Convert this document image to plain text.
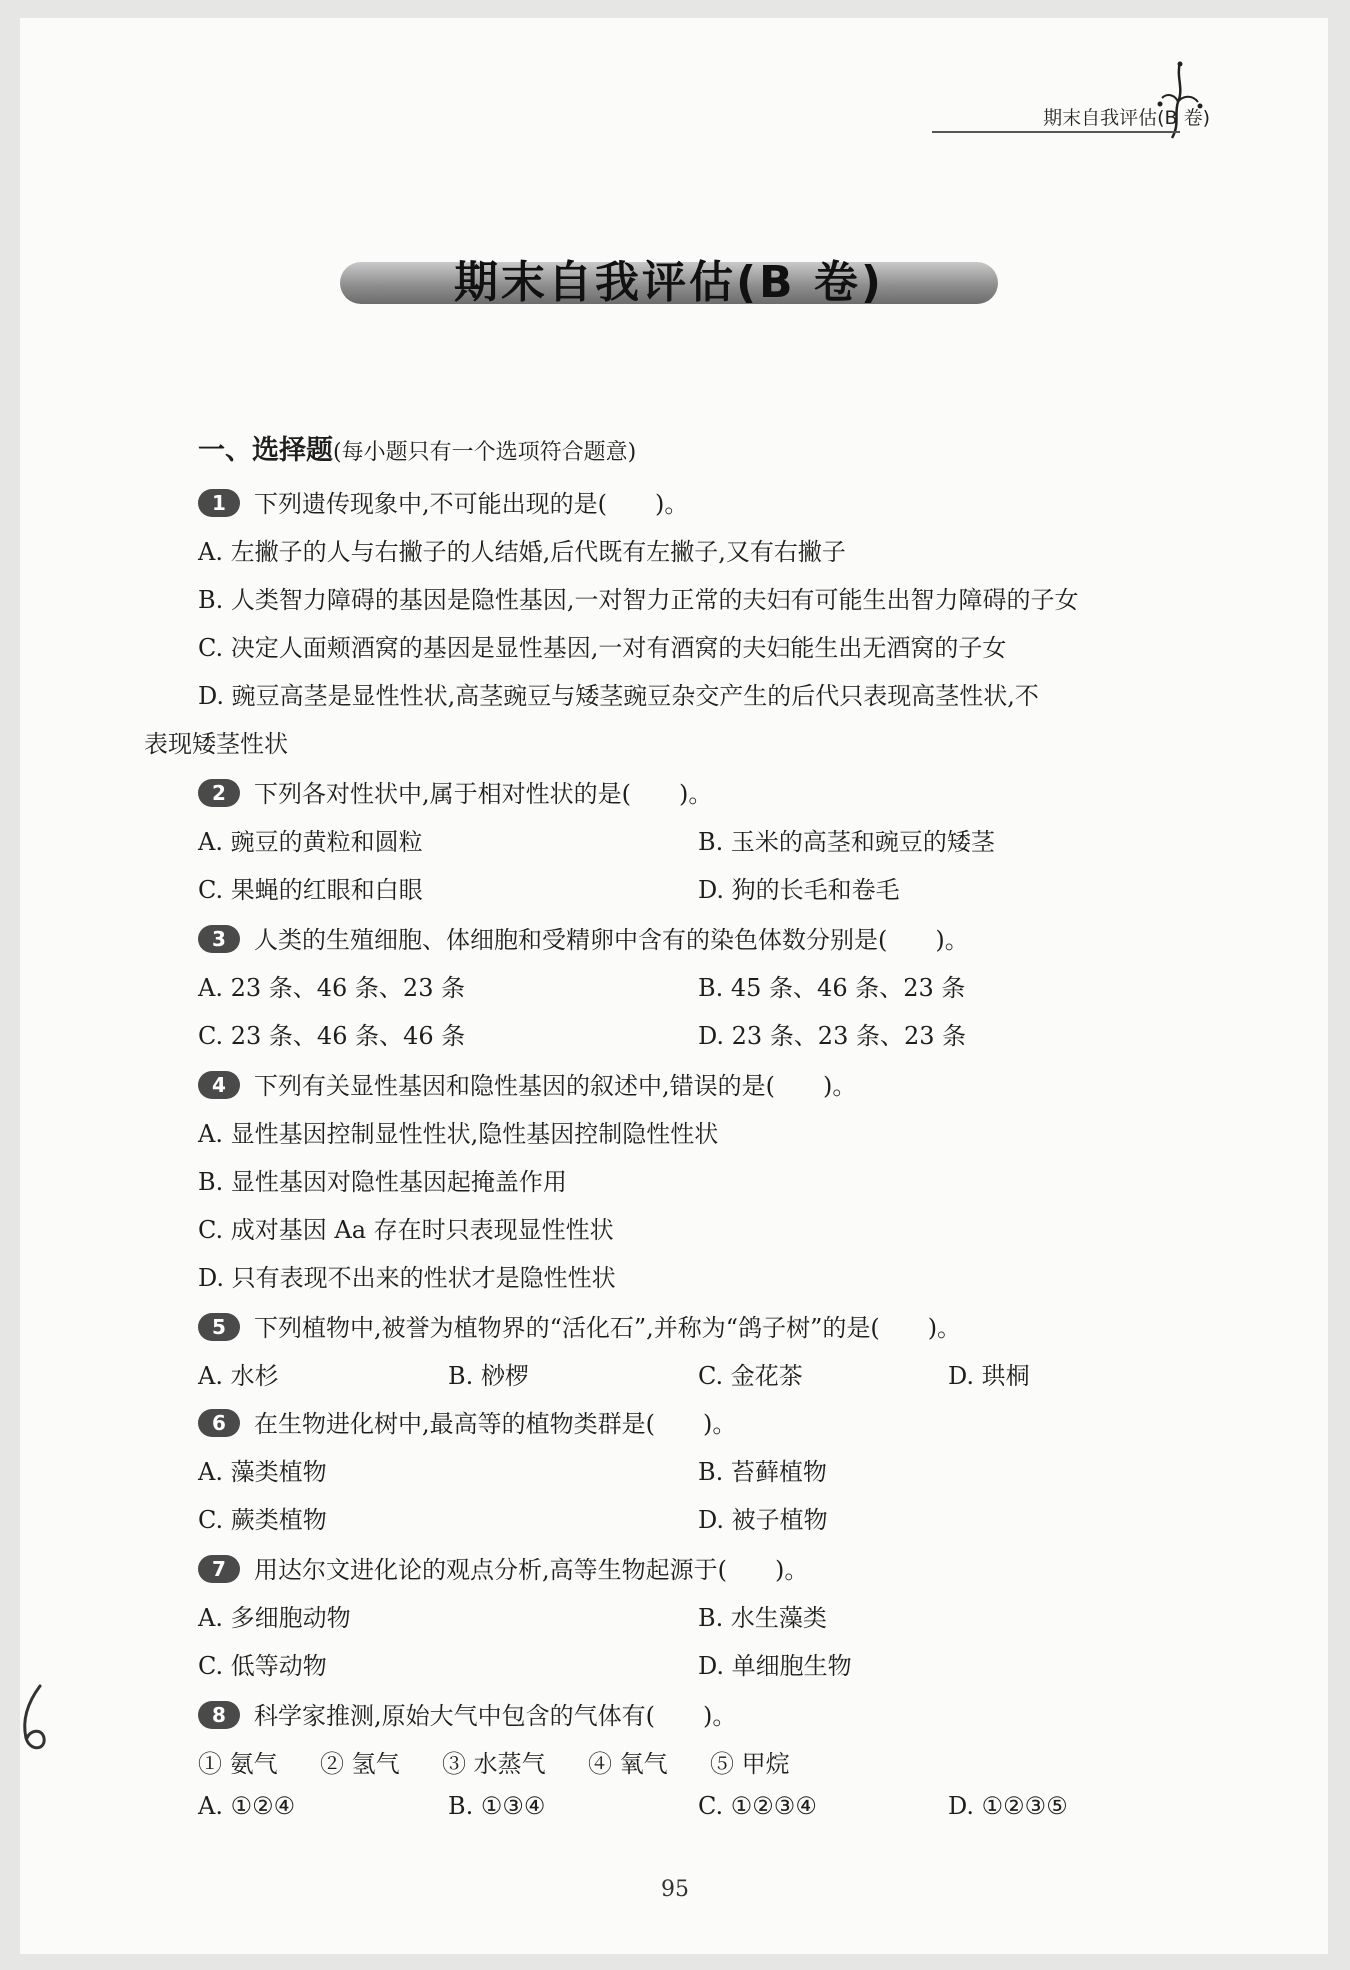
期末自我评估(B 卷)
期末自我评估(B 卷)
一、选择题(每小题只有一个选项符合题意)
1 下列遗传现象中,不可能出现的是(　　)。
A. 左撇子的人与右撇子的人结婚,后代既有左撇子,又有右撇子
B. 人类智力障碍的基因是隐性基因,一对智力正常的夫妇有可能生出智力障碍的子女
C. 决定人面颊酒窝的基因是显性基因,一对有酒窝的夫妇能生出无酒窝的子女
D. 豌豆高茎是显性性状,高茎豌豆与矮茎豌豆杂交产生的后代只表现高茎性状,不
表现矮茎性状
2 下列各对性状中,属于相对性状的是(　　)。
A. 豌豆的黄粒和圆粒	B. 玉米的高茎和豌豆的矮茎
C. 果蝇的红眼和白眼	D. 狗的长毛和卷毛
3 人类的生殖细胞、体细胞和受精卵中含有的染色体数分别是(　　)。
A. 23 条、46 条、23 条	B. 45 条、46 条、23 条
C. 23 条、46 条、46 条	D. 23 条、23 条、23 条
4 下列有关显性基因和隐性基因的叙述中,错误的是(　　)。
A. 显性基因控制显性性状,隐性基因控制隐性性状
B. 显性基因对隐性基因起掩盖作用
C. 成对基因 Aa 存在时只表现显性性状
D. 只有表现不出来的性状才是隐性性状
5 下列植物中,被誉为植物界的“活化石”,并称为“鸽子树”的是(　　)。
A. 水杉	B. 桫椤	C. 金花茶	D. 珙桐
6 在生物进化树中,最高等的植物类群是(　　)。
A. 藻类植物	B. 苔藓植物
C. 蕨类植物	D. 被子植物
7 用达尔文进化论的观点分析,高等生物起源于(　　)。
A. 多细胞动物	B. 水生藻类
C. 低等动物	D. 单细胞生物
8 科学家推测,原始大气中包含的气体有(　　)。
① 氨气 ② 氢气 ③ 水蒸气 ④ 氧气 ⑤ 甲烷
A. ①②④	B. ①③④	C. ①②③④	D. ①②③⑤
95
